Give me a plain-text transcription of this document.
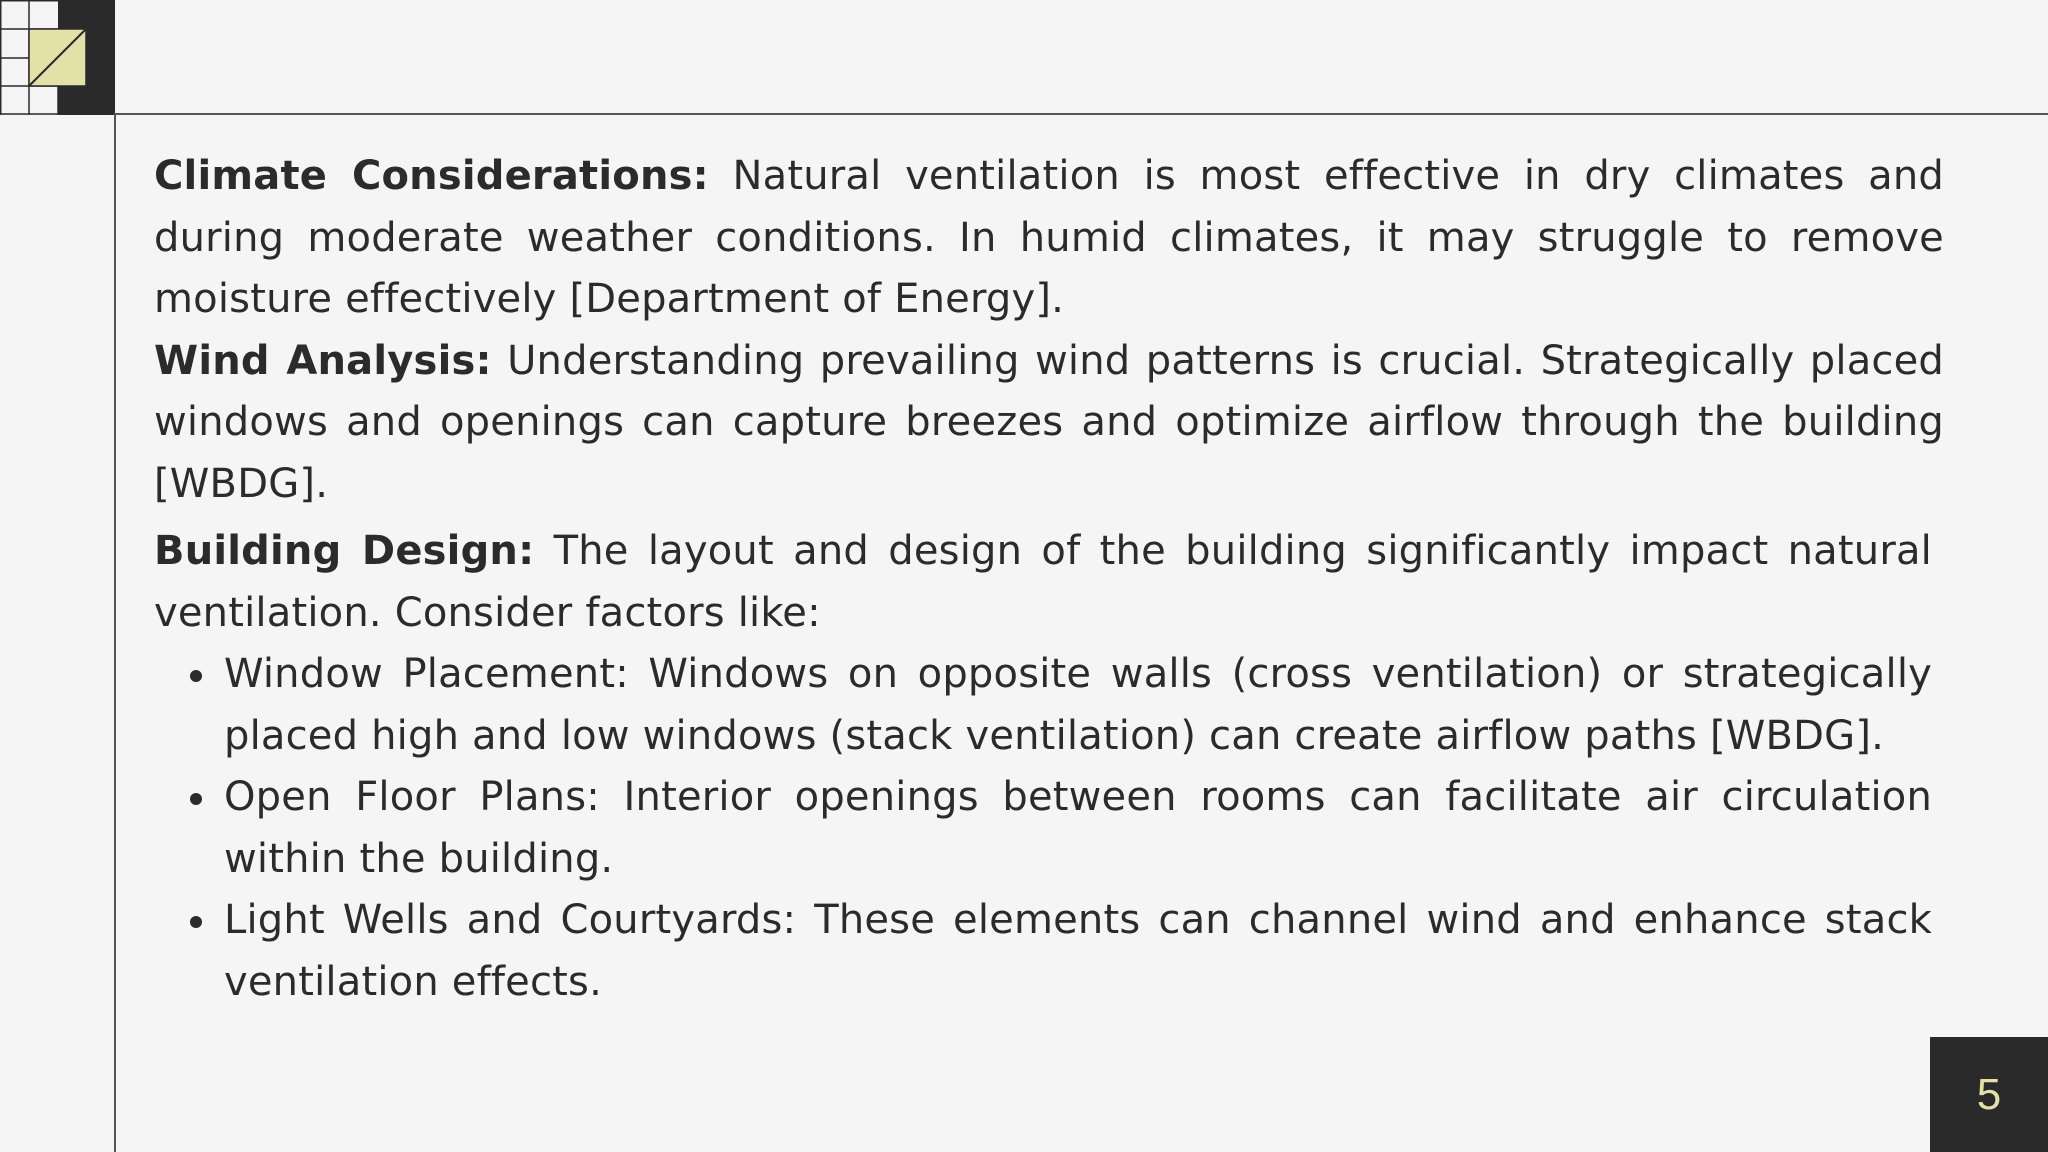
Climate Considerations: Natural ventilation is most effective in dry climates and during moderate weather conditions. In humid climates, it may struggle to remove moisture effectively [Department of Energy].

Wind Analysis: Understanding prevailing wind patterns is crucial. Strategically placed windows and openings can capture breezes and optimize airflow through the building [WBDG].

Building Design: The layout and design of the building significantly impact natural ventilation. Consider factors like:

Window Placement: Windows on opposite walls (cross ventilation) or strategically placed high and low windows (stack ventilation) can create airflow paths [WBDG].
Open Floor Plans: Interior openings between rooms can facilitate air circulation within the building.
Light Wells and Courtyards: These elements can channel wind and enhance stack ventilation effects.
5
